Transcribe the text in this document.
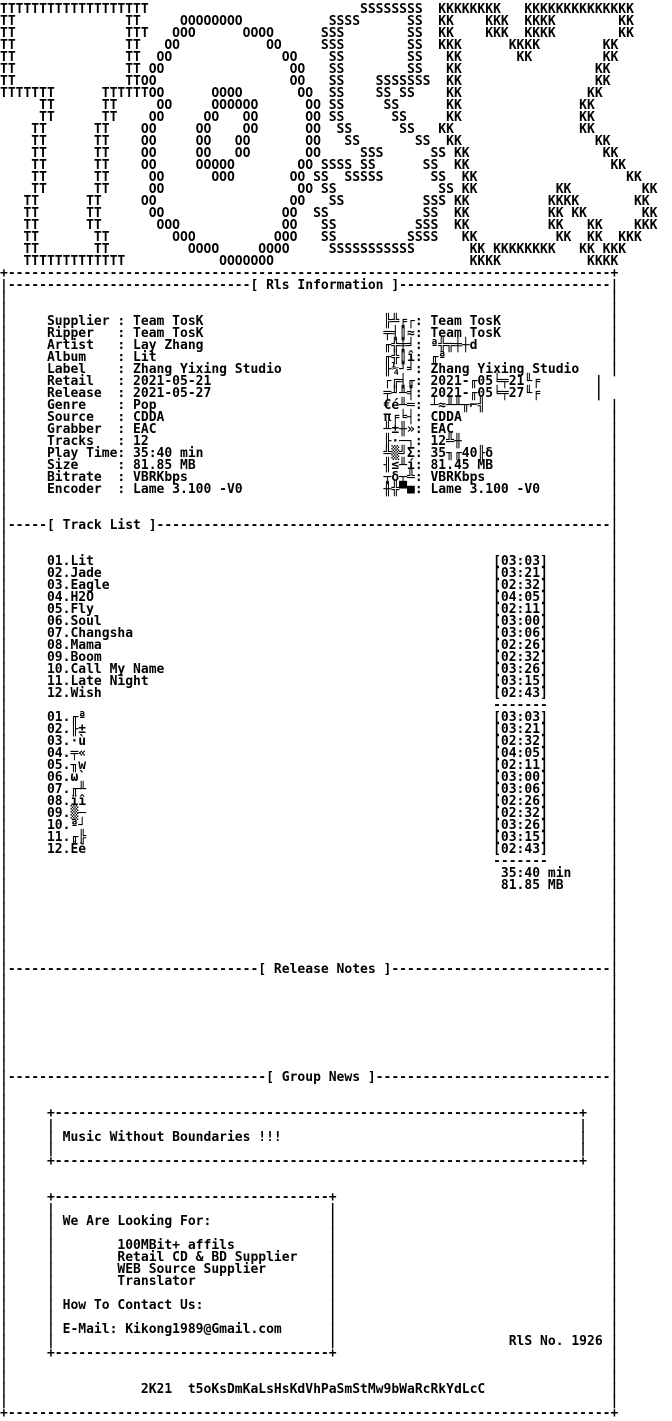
TTTTTTTTTTTTTTTTTTT                           SSSSSSSS  KKKKKKKK   KKKKKKKKKKKKKK
TT              TT     OOOOOOOO           SSSS      SS  KK    KKK  KKKK        KK
TT              TTT   OOO      OOOO      SSS        SS  KK    KKK  KKKK        KK
TT              TT   OO           OO     SSS        SS  KKK      KKKK        KK
TT              TT  OO              OO    SS        SS   KK       KK         KK
TT              TT OO                OO   SS        SS   KK                 KK
TT              TTOO                 OO   SS    SSSSSSS  KK                 KK
TTTTTTT      TTTTTTOO      OOOO       OO  SS    SS SS    KK                KK
TT      TT     OO     OOOOOO      OO SS     SS      KK               KK
TT      TT    OO     OO   OO      OO SS      SS     KK               KK
TT      TT    OO     OO    OO      OO  SS      SS   KK                KK
TT      TT    OO     OO   OO       OO   SS       SS  KK                 KK
TT      TT    OO     OO   OO       OO     SSS      SS KK                 KK
TT      TT    OO     OOOOO        OO SSSS SS      SS  KK                  KK
TT      TT     OO      OOO       OO SS  SSSSS      SS  KK                   KK
TT      TT     OO                 OO SS             SS KK          KK         KK
TT      TT     OO                 OO   SS          SSS KK          KKKK       KK
TT      TT      OO               OO  SS            SS  KK          KK KK       KK
TT      TT       OOO             OO   SS          SSS  KK          KK   KK    KKK
TT       TT        OOO          OOO   SS         SSSS   KK          KK  KK  KKK
TT       TT          OOOO     OOOO     SSSSSSSSSSS       KK KKKKKKKK   KK KKK
TTTTTTTTTTTTT            OOOOOOO                         KKKK           KKKK
+-----------------------------------------------------------------------------+
|-------------------------------[ Rls Information ]---------------------------|
|                                                                             |
|                                                                             |
|     Supplier : Team TosK                       ╠╩╒┌: Team TosK              |
|     Ripper   : Team TosK                       ╤╡║≈: Team TosK              |
|     Artist   : Lay Zhang                       ╓╬╪╛: ª╬╦╪┼d                 |
|     Album    : Lit                             ╓╬║î: ╓ª                     |
|     Label    : Zhang Yixing Studio             ╟¼┘╛: Zhang Yixing Studio    |
|     Retail   : 2021-05-21                      ┌╔╡╓: 2021-╓05╘╤21╙╒       |
|     Release  : 2021-05-27                      ╤╜╨╡: 2021-╓05╘╤27╙╒       |
|     Genre    : Pop                             €é╨═: ┴≈╨╨╥⌐╣                |
|     Source   : CDDA                            π╒╘┤: CDDA                   |
|     Grabber  : EAC                             ╨±╫»: EAC                    |
|     Tracks   : 12                              ╟·─┐: 12╩╫                   |
|     Play Time: 35:40 min                       ╩▒╝Σ: 35╖╓40╟δ               |
|     Size     : 81.85 MB                        ╢≤╨í: 81.45 MB               |
|     Bitrate  : VBRKbps                         ┬δ┬╩: VBRKbps                |
|     Encoder  : Lame 3.100 -V0                  ╫╬▀■: Lame 3.100 -V0         |
|                                                                             |
|                                                                             |
|-----[ Track List ]----------------------------------------------------------|
|                                                                             |
|                                                                             |
|     01.Lit                                                   [03:03]        |
|     02.Jade                                                  [03:21]        |
|     03.Eagle                                                 [02:32]        |
|     04.H2O                                                   [04:05]        |
|     05.Fly                                                   [02:11]        |
|     06.Soul                                                  [03:00]        |
|     07.Changsha                                              [03:06]        |
|     08.Mama                                                  [02:26]        |
|     09.Boom                                                  [02:32]        |
|     10.Call My Name                                          [03:26]        |
|     11.Late Night                                            [03:15]        |
|     12.Wish                                                  [02:43]        |
|                                                              -------        |
|     01.╓ª                                                    [03:03]        |
|     02.╟±                                                    [03:21]        |
|     03.·ù                                                    [02:32]        |
|     04.╤«                                                    [04:05]        |
|     05.╖w                                                    [02:11]        |
|     06.ω`                                                    [03:00]        |
|     07.╓╨                                                    [03:06]        |
|     08.ïî                                                    [02:26]        |
|     09.▒─                                                    [02:32]        |
|     10.ª┘                                                    [03:26]        |
|     11.╓╠                                                    [03:15]        |
|     12.Éè                                                    [02:43]        |
|                                                              -------        |
|                                                               35:40 min     |
|                                                               81.85 MB      |
|                                                                             |
|                                                                             |
|                                                                             |
|                                                                             |
|                                                                             |
|                                                                             |
|--------------------------------[ Release Notes ]----------------------------|
|                                                                             |
|                                                                             |
|                                                                             |
|                                                                             |
|                                                                             |
|                                                                             |
|                                                                             |
|                                                                             |
|---------------------------------[ Group News ]------------------------------|
|                                                                             |
|                                                                             |
|     +-------------------------------------------------------------------+   |
|     |                                                                   |   |
|     | Music Without Boundaries !!!                                      |   |
|     |                                                                   |   |
|     +-------------------------------------------------------------------+   |
|                                                                             |
|                                                                             |
|     +-----------------------------------+                                   |
|     |                                   |                                   |
|     | We Are Looking For:               |                                   |
|     |                                   |                                   |
|     |        100MBit+ affils            |                                   |
|     |        Retail CD & BD Supplier    |                                   |
|     |        WEB Source Supplier        |                                   |
|     |        Translator                 |                                   |
|     |                                   |                                   |
|     | How To Contact Us:                |                                   |
|     |                                   |                                   |
|     | E-Mail: Kikong1989@Gmail.com      |                                   |
|     |                                   |                      RlS No. 1926 |
|     +-----------------------------------+                                   |
|                                                                             |
|                                                                             |
|                 2K21  t5oKsDmKaLsHsKdVhPaSmStMw9bWaRcRkYdLcC                |
|                                                                             |
+-----------------------------------------------------------------------------+
